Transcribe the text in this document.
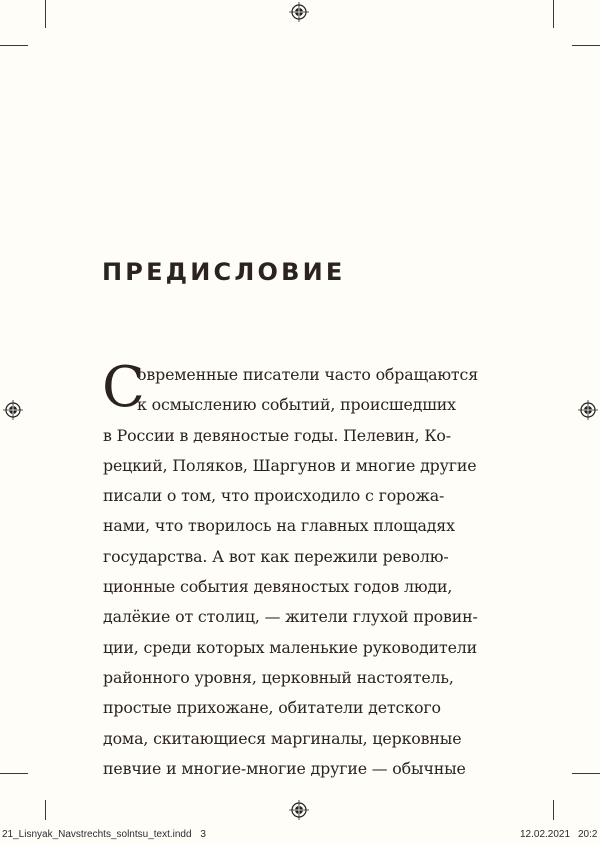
ПРЕДИСЛОВИЕ
С
овременные писатели часто обращаются
к осмыслению событий, происшедших
в России в девяностые годы. Пелевин, Ко-
рецкий, Поляков, Шаргунов и многие другие
писали о том, что происходило с горожа-
нами, что творилось на главных площадях
государства. А вот как пережили револю-
ционные события девяностых годов люди,
далёкие от столиц, — жители глухой провин-
ции, среди которых маленькие руководители
районного уровня, церковный настоятель,
простые прихожане, обитатели детского
дома, скитающиеся маргиналы, церковные
певчие и многие-многие другие — обычные
21_Lisnyak_Navstrechts_solntsu_text.indd 3	12.02.2021 20:2
